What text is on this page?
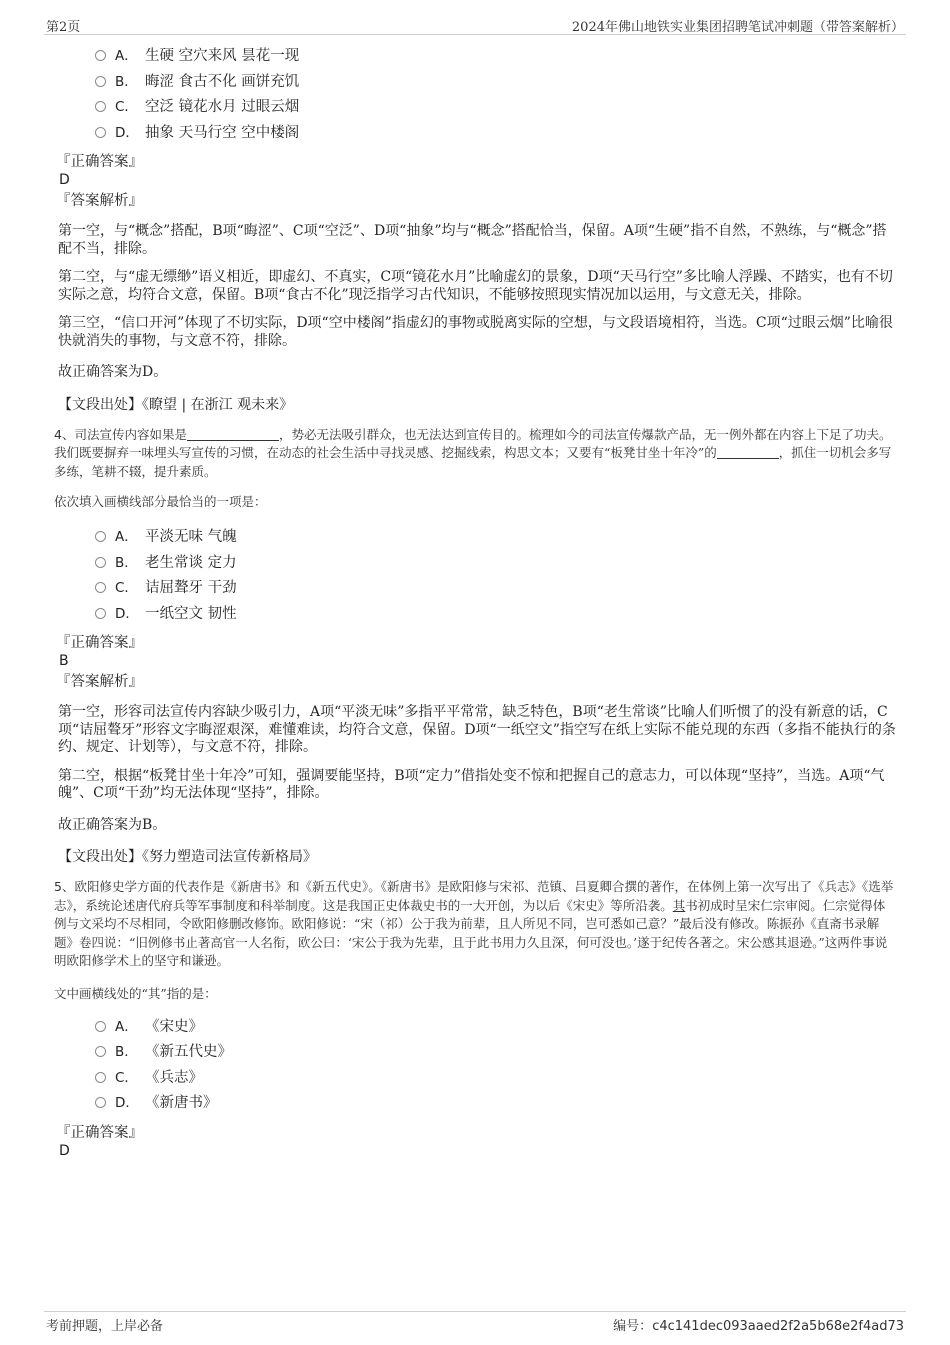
第2页	2024年佛山地铁实业集团招聘笔试冲刺题（带答案解析）
A． 生硬 空穴来风 昙花一现
B． 晦涩 食古不化 画饼充饥
C． 空泛 镜花水月 过眼云烟
D． 抽象 天马行空 空中楼阁
『正确答案』
D
『答案解析』
第一空，与“概念”搭配，B项“晦涩”、C项“空泛”、D项“抽象”均与“概念”搭配恰当，保留。A项“生硬”指不自然，不熟练，与“概念”搭配不当，排除。
第二空，与“虚无缥缈”语义相近，即虚幻、不真实，C项“镜花水月”比喻虚幻的景象，D项“天马行空”多比喻人浮躁、不踏实，也有不切实际之意，均符合文意，保留。B项“食古不化”现泛指学习古代知识，不能够按照现实情况加以运用，与文意无关，排除。
第三空，“信口开河”体现了不切实际，D项“空中楼阁”指虚幻的事物或脱离实际的空想，与文段语境相符，当选。C项“过眼云烟”比喻很快就消失的事物，与文意不符，排除。
故正确答案为D。
【文段出处】《瞭望 | 在浙江 观未来》
4、司法宣传内容如果是	，势必无法吸引群众，也无法达到宣传目的。梳理如今的司法宣传爆款产品，无一例外都在内容上下足了功夫。我们既要摒弃一味埋头写宣传的习惯，在动态的社会生活中寻找灵感、挖掘线索，构思文本；又要有“板凳甘坐十年冷”的	，抓住一切机会多写多练，笔耕不辍，提升素质。
依次填入画横线部分最恰当的一项是：
A． 平淡无味 气魄
B． 老生常谈 定力
C． 诘屈聱牙 干劲
D． 一纸空文 韧性
『正确答案』
B
『答案解析』
第一空，形容司法宣传内容缺少吸引力，A项“平淡无味”多指平平常常，缺乏特色，B项“老生常谈”比喻人们听惯了的没有新意的话，C项“诘屈聱牙”形容文字晦涩艰深，难懂难读，均符合文意，保留。D项“一纸空文”指空写在纸上实际不能兑现的东西（多指不能执行的条约、规定、计划等），与文意不符，排除。
第二空，根据“板凳甘坐十年冷”可知，强调要能坚持，B项“定力”借指处变不惊和把握自己的意志力，可以体现“坚持”，当选。A项“气魄”、C项“干劲”均无法体现“坚持”，排除。
故正确答案为B。
【文段出处】《努力塑造司法宣传新格局》
5、欧阳修史学方面的代表作是《新唐书》和《新五代史》。《新唐书》是欧阳修与宋祁、范镇、吕夏卿合撰的著作，在体例上第一次写出了《兵志》《选举志》，系统论述唐代府兵等军事制度和科举制度。这是我国正史体裁史书的一大开创，为以后《宋史》等所沿袭。其书初成时呈宋仁宗审阅。仁宗觉得体例与文采均不尽相同，令欧阳修删改修饰。欧阳修说：“宋（祁）公于我为前辈，且人所见不同，岂可悉如己意？”最后没有修改。陈振孙《直斋书录解题》卷四说：“旧例修书止著高官一人名衔，欧公曰：‘宋公于我为先辈，且于此书用力久且深，何可没也。’遂于纪传各著之。宋公感其退逊。”这两件事说明欧阳修学术上的坚守和谦逊。
文中画横线处的“其”指的是：
A． 《宋史》
B． 《新五代史》
C． 《兵志》
D． 《新唐书》
『正确答案』
D
考前押题，上岸必备	编号：c4c141dec093aaed2f2a5b68e2f4ad73
